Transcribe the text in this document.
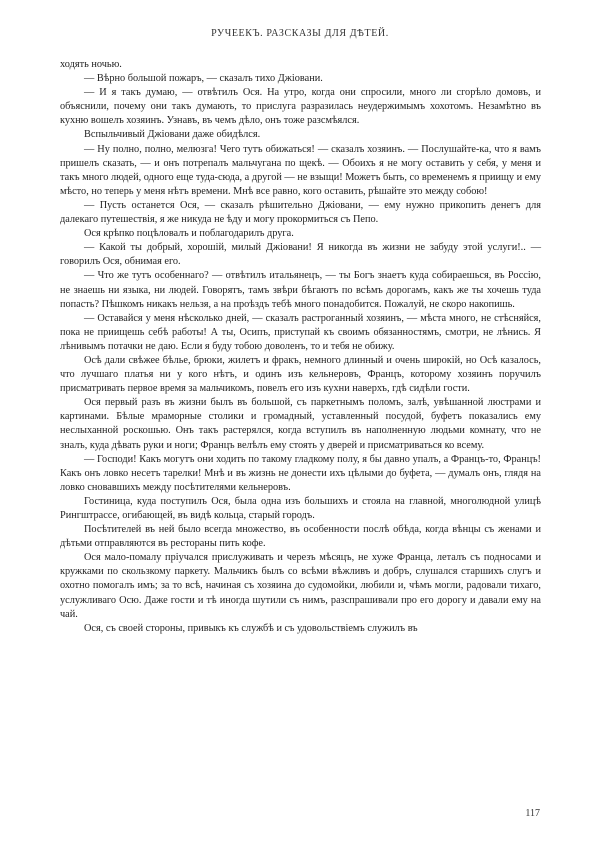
РУЧЕЕКЪ. РАЗСКАЗЫ ДЛЯ ДѢТЕЙ.

ходять ночью.

— Вѣрно большой пожаръ, — сказалъ тихо Джіовани.

— И я такъ думаю, — отвѣтилъ Ося. На утро, когда они спросили, много ли сгорѣло домовъ, и объяснили, почему они такъ думають, то прислуга разразилась неудержимымъ хохотомъ. Незамѣтно въ кухню вошелъ хозяинъ. Узнавъ, въ чемъ дѣло, онъ тоже разсмѣялся.

Вспыльчивый Джіовани даже обидѣлся.

— Ну полно, полно, мелюзга! Чего тутъ обижаться! — сказалъ хозяинъ. — Послушайте-ка, что я вамъ пришелъ сказать, — и онъ потрепалъ мальчугана по щекѣ. — Обоихъ я не могу оставить у себя, у меня и такъ много людей, одного еще туда-сюда, а другой — не взыщи! Можетъ быть, со временемъ я приищу и ему мѣсто, но теперь у меня нѣтъ времени. Мнѣ все равно, кого оставить, рѣшайте это между собою!

— Пусть останется Ося, — сказалъ рѣшительно Джіовани, — ему нужно прикопить денегъ для далекаго путешествія, я же никуда не ѣду и могу прокормиться съ Пепо.

Ося крѣпко поцѣловалъ и поблагодарилъ друга.

— Какой ты добрый, хорошій, милый Джіовани! Я никогда въ жизни не забуду этой услуги!.. — говорилъ Ося, обнимая его.

— Что же тутъ особеннаго? — отвѣтилъ итальянецъ, — ты Богъ знаетъ куда собираешься, въ Россію, не знаешь ни языка, ни людей. Говорятъ, тамъ звѣри бѣгаютъ по всѣмъ дорогамъ, какъ же ты хочешь туда попасть? Пѣшкомъ никакъ нельзя, а на проѣздъ тебѣ много понадобится. Пожалуй, не скоро накопишь.

— Оставайся у меня нѣсколько дней, — сказалъ растроганный хозяинъ, — мѣста много, не стѣсняйся, пока не приищешь себѣ работы! А ты, Осипъ, приступай къ своимъ обязанностямъ, смотри, не лѣнись. Я лѣнивымъ потачки не даю. Если я буду тобою доволенъ, то и тебя не обижу.

Осѣ дали свѣжее бѣлье, брюки, жилетъ и фракъ, немного длинный и очень широкій, но Осѣ казалось, что лучшаго платья ни у кого нѣтъ, и одинъ изъ кельнеровъ, Францъ, которому хозяинъ поручилъ присматривать первое время за мальчикомъ, повелъ его изъ кухни наверхъ, гдѣ сидѣли гости.

Ося первый разъ въ жизни былъ въ большой, съ паркетнымъ поломъ, залѣ, увѣшанной люстрами и картинами. Бѣлые мраморные столики и громадный, уставленный посудой, буфетъ показались ему неслыханной роскошью. Онъ такъ растерялся, когда вступилъ въ наполненную людьми комнату, что не зналъ, куда дѣвать руки и ноги; Францъ велѣлъ ему стоять у дверей и присматриваться ко всему.

— Господи! Какъ могутъ они ходить по такому гладкому полу, я бы давно упалъ, а Францъ-то, Францъ! Какъ онъ ловко несетъ тарелки! Мнѣ и въ жизнь не донести ихъ цѣлыми до буфета, — думалъ онъ, глядя на ловко сновавшихъ между посѣтителями кельнеровъ.

Гостиница, куда поступилъ Ося, была одна изъ большихъ и стояла на главной, многолюдной улицѣ Рингштрассе, огибающей, въ видѣ кольца, старый городъ.

Посѣтителей въ ней было всегда множество, въ особенности послѣ обѣда, когда вѣнцы съ женами и дѣтьми отправляются въ рестораны пить кофе.

Ося мало-помалу пріучался прислуживать и черезъ мѣсяцъ, не хуже Франца, леталъ съ подносами и кружками по скользкому паркету. Мальчикъ былъ со всѣми вѣжливъ и добръ, слушался старшихъ слугъ и охотно помогалъ имъ; за то всѣ, начиная съ хозяина до судомойки, любили и, чѣмъ могли, радовали тихаго, услужливаго Осю. Даже гости и тѣ иногда шутили съ нимъ, разспрашивали про его дорогу и давали ему на чай.

Ося, съ своей стороны, привыкъ къ службѣ и съ удовольствіемъ служилъ въ

117
